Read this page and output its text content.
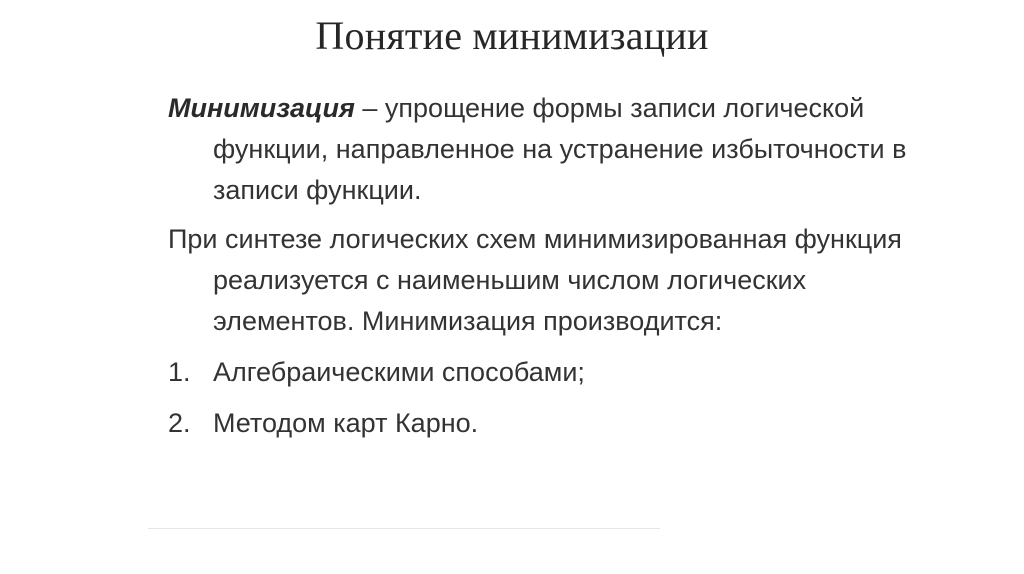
Понятие минимизации

Минимизация – упрощение формы записи логической функции, направленное на устранение избыточности в записи функции.

При синтезе логических схем минимизированная функция реализуется с наименьшим числом логических элементов. Минимизация производится:

1. Алгебраическими способами;
2. Методом карт Карно.
